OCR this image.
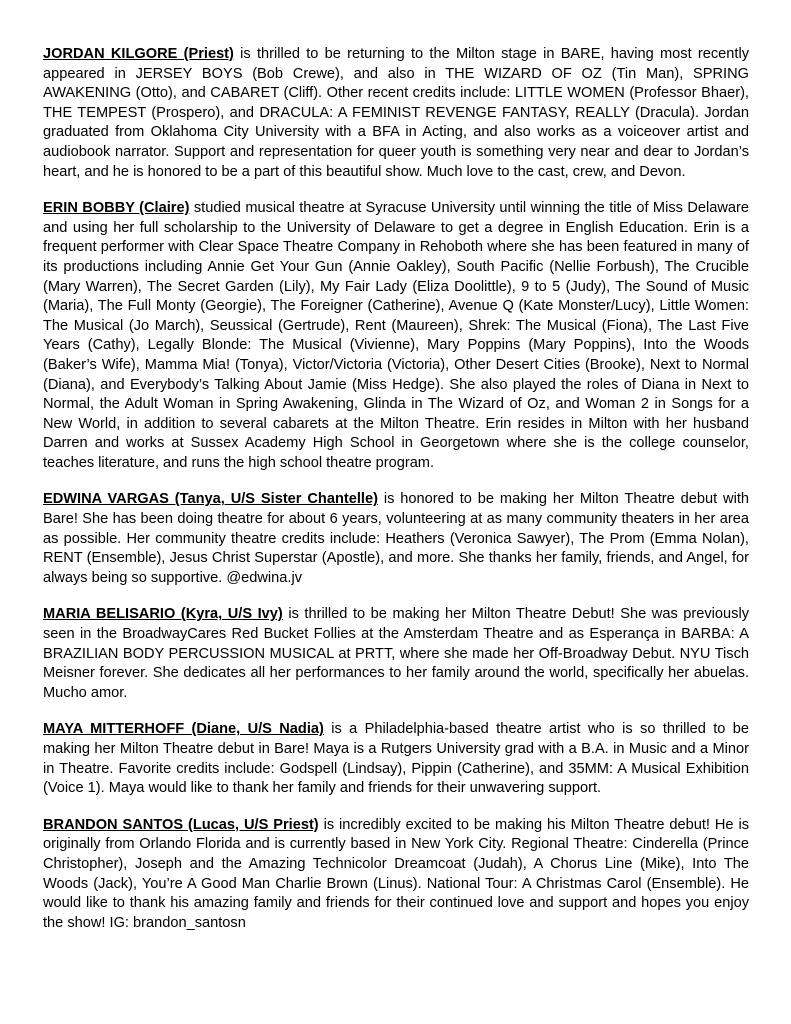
JORDAN KILGORE (Priest) is thrilled to be returning to the Milton stage in BARE, having most recently appeared in JERSEY BOYS (Bob Crewe), and also in THE WIZARD OF OZ (Tin Man), SPRING AWAKENING (Otto), and CABARET (Cliff). Other recent credits include: LITTLE WOMEN (Professor Bhaer), THE TEMPEST (Prospero), and DRACULA: A FEMINIST REVENGE FANTASY, REALLY (Dracula). Jordan graduated from Oklahoma City University with a BFA in Acting, and also works as a voiceover artist and audiobook narrator. Support and representation for queer youth is something very near and dear to Jordan’s heart, and he is honored to be a part of this beautiful show. Much love to the cast, crew, and Devon.

ERIN BOBBY (Claire) studied musical theatre at Syracuse University until winning the title of Miss Delaware and using her full scholarship to the University of Delaware to get a degree in English Education. Erin is a frequent performer with Clear Space Theatre Company in Rehoboth where she has been featured in many of its productions including Annie Get Your Gun (Annie Oakley), South Pacific (Nellie Forbush), The Crucible (Mary Warren), The Secret Garden (Lily), My Fair Lady (Eliza Doolittle), 9 to 5 (Judy), The Sound of Music (Maria), The Full Monty (Georgie), The Foreigner (Catherine), Avenue Q (Kate Monster/Lucy), Little Women: The Musical (Jo March), Seussical (Gertrude), Rent (Maureen), Shrek: The Musical (Fiona), The Last Five Years (Cathy), Legally Blonde: The Musical (Vivienne), Mary Poppins (Mary Poppins), Into the Woods (Baker’s Wife), Mamma Mia! (Tonya), Victor/Victoria (Victoria), Other Desert Cities (Brooke), Next to Normal (Diana), and Everybody’s Talking About Jamie (Miss Hedge). She also played the roles of Diana in Next to Normal, the Adult Woman in Spring Awakening, Glinda in The Wizard of Oz, and Woman 2 in Songs for a New World, in addition to several cabarets at the Milton Theatre. Erin resides in Milton with her husband Darren and works at Sussex Academy High School in Georgetown where she is the college counselor, teaches literature, and runs the high school theatre program.

EDWINA VARGAS (Tanya, U/S Sister Chantelle) is honored to be making her Milton Theatre debut with Bare! She has been doing theatre for about 6 years, volunteering at as many community theaters in her area as possible. Her community theatre credits include: Heathers (Veronica Sawyer), The Prom (Emma Nolan), RENT (Ensemble), Jesus Christ Superstar (Apostle), and more. She thanks her family, friends, and Angel, for always being so supportive. @edwina.jv

MARIA BELISARIO (Kyra, U/S Ivy) is thrilled to be making her Milton Theatre Debut! She was previously seen in the BroadwayCares Red Bucket Follies at the Amsterdam Theatre and as Esperança in BARBA: A BRAZILIAN BODY PERCUSSION MUSICAL at PRTT, where she made her Off-Broadway Debut. NYU Tisch Meisner forever. She dedicates all her performances to her family around the world, specifically her abuelas. Mucho amor.

MAYA MITTERHOFF (Diane, U/S Nadia) is a Philadelphia-based theatre artist who is so thrilled to be making her Milton Theatre debut in Bare! Maya is a Rutgers University grad with a B.A. in Music and a Minor in Theatre. Favorite credits include: Godspell (Lindsay), Pippin (Catherine), and 35MM: A Musical Exhibition (Voice 1). Maya would like to thank her family and friends for their unwavering support.

BRANDON SANTOS (Lucas, U/S Priest) is incredibly excited to be making his Milton Theatre debut! He is originally from Orlando Florida and is currently based in New York City. Regional Theatre: Cinderella (Prince Christopher), Joseph and the Amazing Technicolor Dreamcoat (Judah), A Chorus Line (Mike), Into The Woods (Jack), You’re A Good Man Charlie Brown (Linus). National Tour: A Christmas Carol (Ensemble). He would like to thank his amazing family and friends for their continued love and support and hopes you enjoy the show! IG: brandon_santosn
